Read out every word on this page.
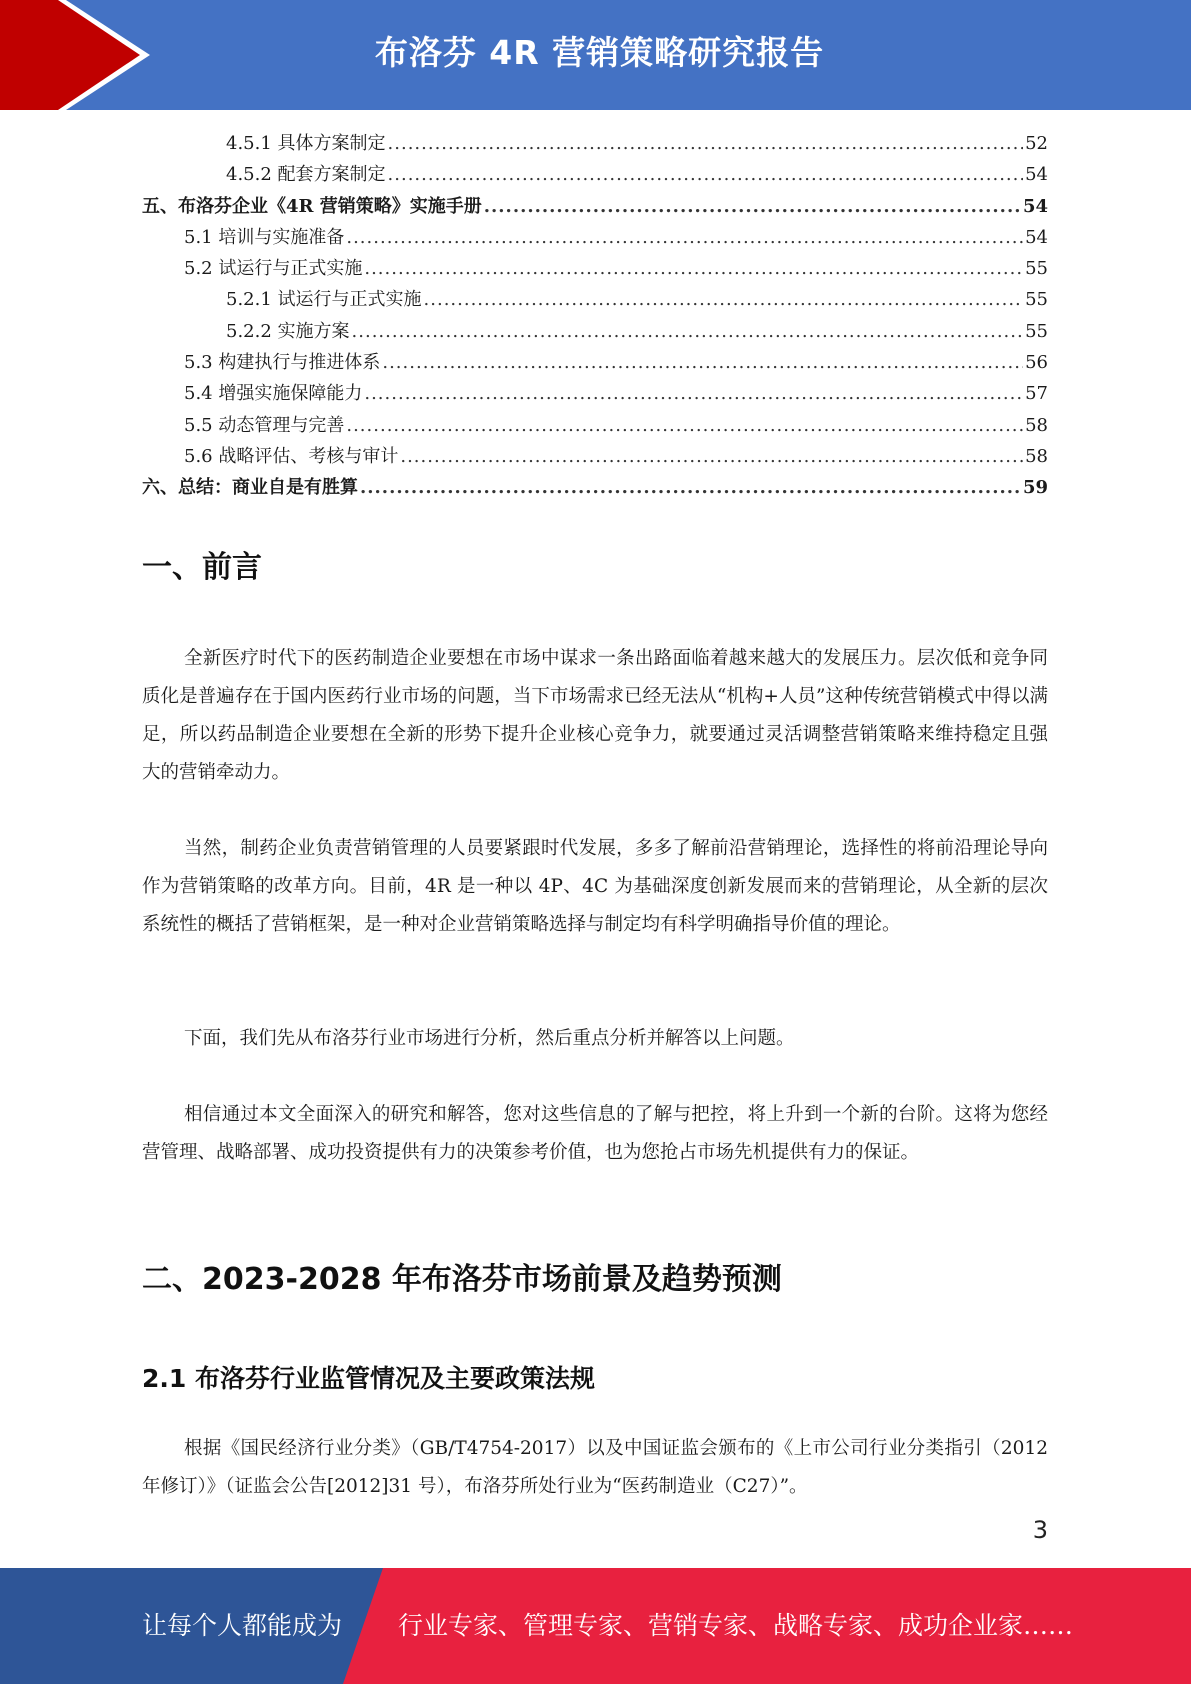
布洛芬 4R 营销策略研究报告
4.5.1 具体方案制定 .....	52
4.5.2 配套方案制定 .....	54
五、布洛芬企业《4R 营销策略》实施手册 .....	54
5.1 培训与实施准备 .....	54
5.2 试运行与正式实施 .....	55
5.2.1 试运行与正式实施 .....	55
5.2.2 实施方案 .....	55
5.3 构建执行与推进体系 .....	56
5.4 增强实施保障能力 .....	57
5.5 动态管理与完善 .....	58
5.6 战略评估、考核与审计 .....	58
六、总结：商业自是有胜算 .....	59
一、前言

全新医疗时代下的医药制造企业要想在市场中谋求一条出路面临着越来越大的发展压力。层次低和竞争同质化是普遍存在于国内医药行业市场的问题，当下市场需求已经无法从“机构+人员”这种传统营销模式中得以满足，所以药品制造企业要想在全新的形势下提升企业核心竞争力，就要通过灵活调整营销策略来维持稳定且强大的营销牵动力。

当然，制药企业负责营销管理的人员要紧跟时代发展，多多了解前沿营销理论，选择性的将前沿理论导向作为营销策略的改革方向。目前，4R 是一种以 4P、4C 为基础深度创新发展而来的营销理论，从全新的层次系统性的概括了营销框架，是一种对企业营销策略选择与制定均有科学明确指导价值的理论。

下面，我们先从布洛芬行业市场进行分析，然后重点分析并解答以上问题。

相信通过本文全面深入的研究和解答，您对这些信息的了解与把控，将上升到一个新的台阶。这将为您经营管理、战略部署、成功投资提供有力的决策参考价值，也为您抢占市场先机提供有力的保证。

二、2023-2028 年布洛芬市场前景及趋势预测
2.1 布洛芬行业监管情况及主要政策法规

根据《国民经济行业分类》（GB/T4754-2017）以及中国证监会颁布的《上市公司行业分类指引（2012 年修订）》（证监会公告[2012]31 号），布洛芬所处行业为“医药制造业（C27）”。

3
让每个人都能成为 行业专家、管理专家、营销专家、战略专家、成功企业家……
